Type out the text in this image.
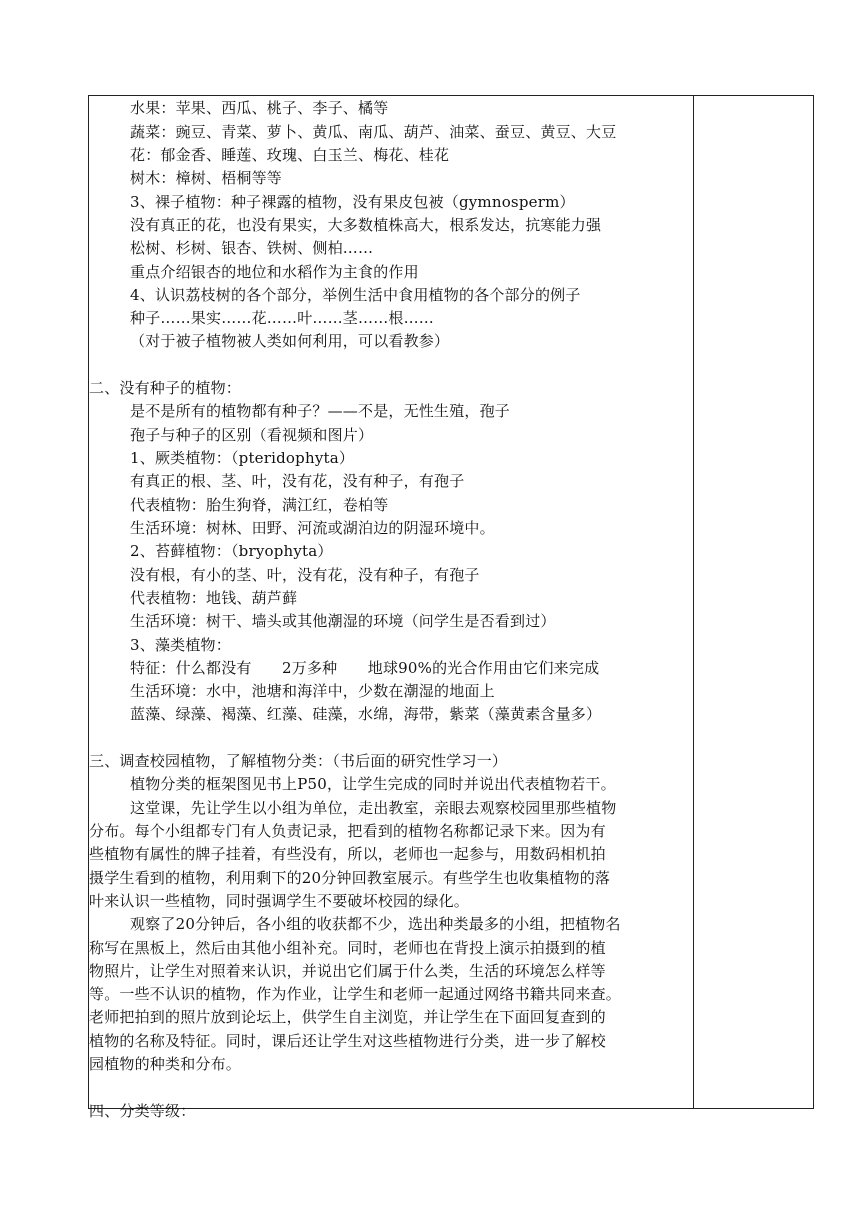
水果：苹果、西瓜、桃子、李子、橘等
蔬菜：豌豆、青菜、萝卜、黄瓜、南瓜、葫芦、油菜、蚕豆、黄豆、大豆
花：郁金香、睡莲、玫瑰、白玉兰、梅花、桂花
树木：樟树、梧桐等等
3、裸子植物：种子裸露的植物，没有果皮包被（gymnosperm）
没有真正的花，也没有果实，大多数植株高大，根系发达，抗寒能力强
松树、杉树、银杏、铁树、侧柏……
重点介绍银杏的地位和水稻作为主食的作用
4、认识荔枝树的各个部分，举例生活中食用植物的各个部分的例子
种子……果实……花……叶……茎……根……
（对于被子植物被人类如何利用，可以看教参）
二、没有种子的植物：
是不是所有的植物都有种子？——不是，无性生殖，孢子
孢子与种子的区别（看视频和图片）
1、厥类植物：（pteridophyta）
有真正的根、茎、叶，没有花，没有种子，有孢子
代表植物：胎生狗脊，满江红，卷柏等
生活环境：树林、田野、河流或湖泊边的阴湿环境中。
2、苔藓植物：（bryophyta）
没有根，有小的茎、叶，没有花，没有种子，有孢子
代表植物：地钱、葫芦藓
生活环境：树干、墙头或其他潮湿的环境（问学生是否看到过）
3、藻类植物：
特征：什么都没有　　2万多种　　地球90%的光合作用由它们来完成
生活环境：水中，池塘和海洋中，少数在潮湿的地面上
蓝藻、绿藻、褐藻、红藻、硅藻，水绵，海带，紫菜（藻黄素含量多）
三、调查校园植物，了解植物分类：（书后面的研究性学习一）
植物分类的框架图见书上P50，让学生完成的同时并说出代表植物若干。
这堂课，先让学生以小组为单位，走出教室，亲眼去观察校园里那些植物
分布。每个小组都专门有人负责记录，把看到的植物名称都记录下来。因为有
些植物有属性的牌子挂着，有些没有，所以，老师也一起参与，用数码相机拍
摄学生看到的植物，利用剩下的20分钟回教室展示。有些学生也收集植物的落
叶来认识一些植物，同时强调学生不要破坏校园的绿化。
观察了20分钟后，各小组的收获都不少，选出种类最多的小组，把植物名
称写在黑板上，然后由其他小组补充。同时，老师也在背投上演示拍摄到的植
物照片，让学生对照着来认识，并说出它们属于什么类，生活的环境怎么样等
等。一些不认识的植物，作为作业，让学生和老师一起通过网络书籍共同来查。
老师把拍到的照片放到论坛上，供学生自主浏览，并让学生在下面回复查到的
植物的名称及特征。同时，课后还让学生对这些植物进行分类，进一步了解校
园植物的种类和分布。
四、分类等级：
